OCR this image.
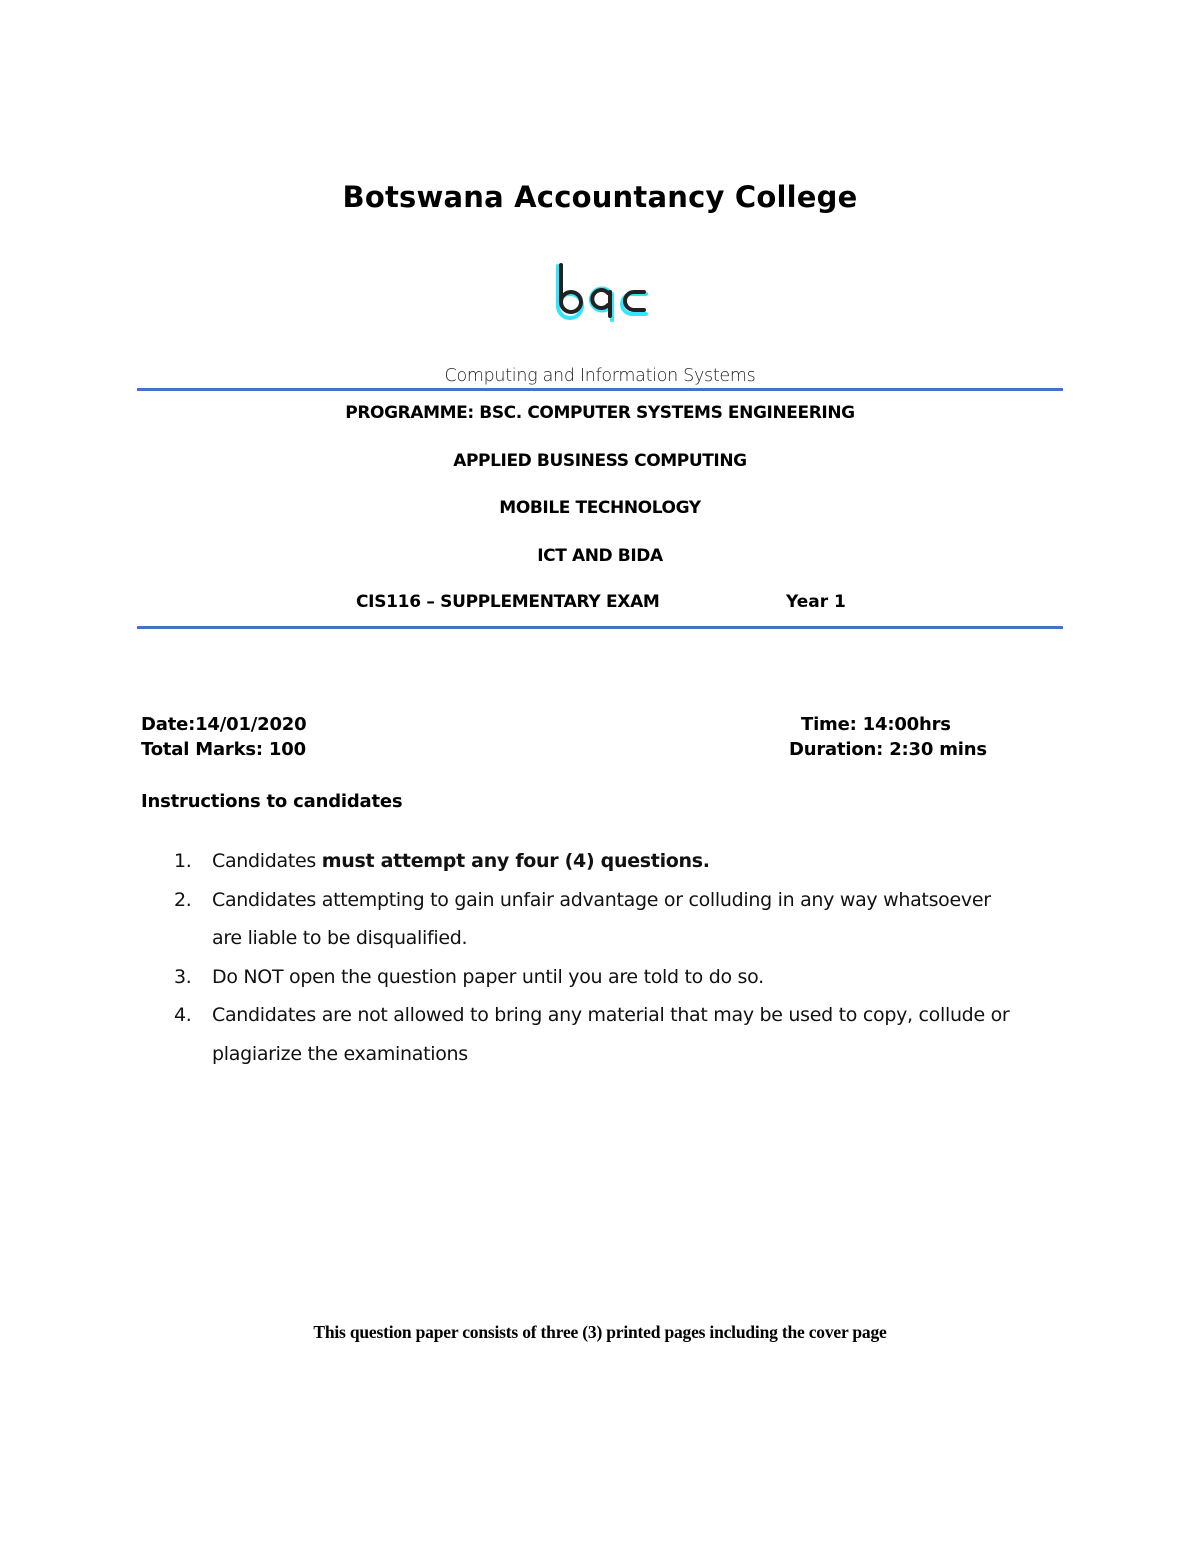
Botswana Accountancy College
Computing and Information Systems
PROGRAMME: BSC. COMPUTER SYSTEMS ENGINEERING
APPLIED BUSINESS COMPUTING
MOBILE TECHNOLOGY
ICT AND BIDA
CIS116 – SUPPLEMENTARY EXAM	Year 1
Date:14/01/2020	Time: 14:00hrs
Total Marks: 100	Duration: 2:30 mins
Instructions to candidates
1. Candidates must attempt any four (4) questions.
2. Candidates attempting to gain unfair advantage or colluding in any way whatsoever are liable to be disqualified.
3. Do NOT open the question paper until you are told to do so.
4. Candidates are not allowed to bring any material that may be used to copy, collude or plagiarize the examinations
This question paper consists of three (3) printed pages including the cover page
